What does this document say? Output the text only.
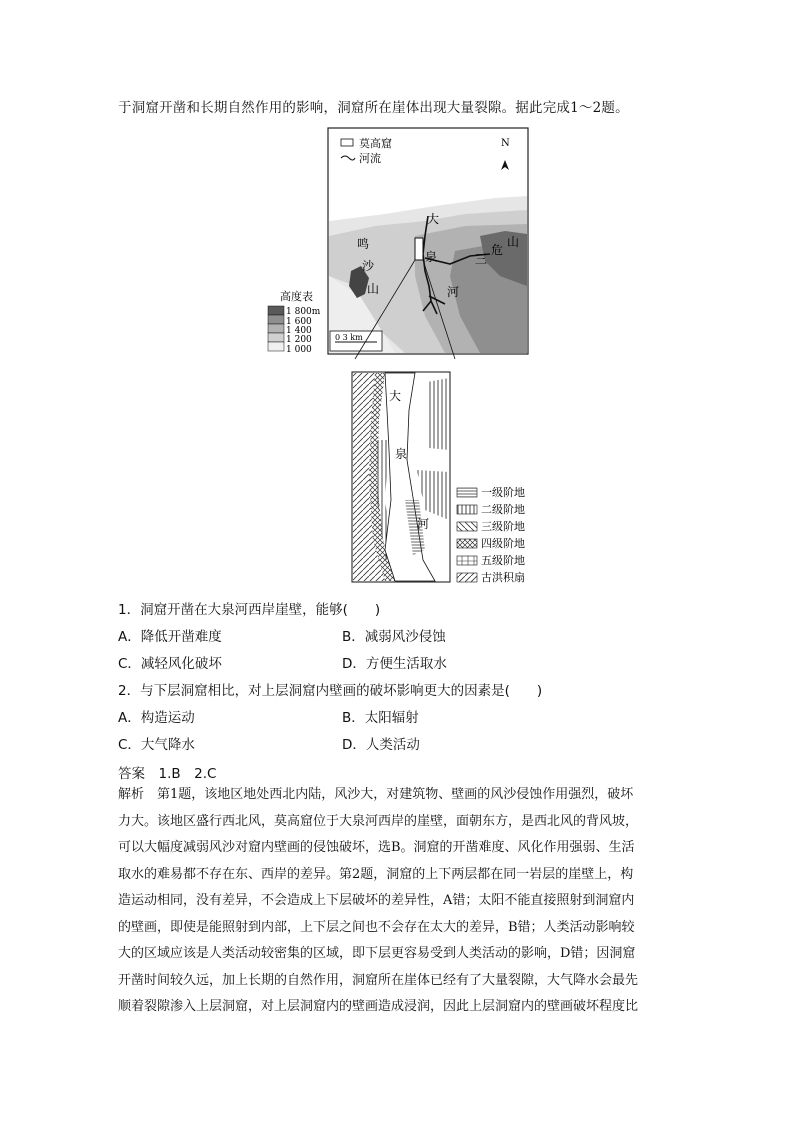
于洞窟开凿和长期自然作用的影响，洞窟所在崖体出现大量裂隙。据此完成1～2题。
莫高窟
河流
N
大
泉
河
鸣
沙
山
三
危
山
0 3 km
高度表
1 800m
1 600
1 400
1 200
1 000
大
泉
河
一级阶地
二级阶地
三级阶地
四级阶地
五级阶地
古洪积扇
1．洞窟开凿在大泉河西岸崖壁，能够(　　)
A．降低开凿难度	B．减弱风沙侵蚀
C．减轻风化破坏	D．方便生活取水
2．与下层洞窟相比，对上层洞窟内壁画的破坏影响更大的因素是(　　)
A．构造运动	B．太阳辐射
C．大气降水	D．人类活动
答案　1.B　2.C
解析　第1题，该地区地处西北内陆，风沙大，对建筑物、壁画的风沙侵蚀作用强烈，破坏
力大。该地区盛行西北风，莫高窟位于大泉河西岸的崖壁，面朝东方，是西北风的背风坡，
可以大幅度减弱风沙对窟内壁画的侵蚀破坏，选B。洞窟的开凿难度、风化作用强弱、生活
取水的难易都不存在东、西岸的差异。第2题，洞窟的上下两层都在同一岩层的崖壁上，构
造运动相同，没有差异，不会造成上下层破坏的差异性，A错；太阳不能直接照射到洞窟内
的壁画，即使是能照射到内部，上下层之间也不会存在太大的差异，B错；人类活动影响较
大的区域应该是人类活动较密集的区域，即下层更容易受到人类活动的影响，D错；因洞窟
开凿时间较久远，加上长期的自然作用，洞窟所在崖体已经有了大量裂隙，大气降水会最先
顺着裂隙渗入上层洞窟，对上层洞窟内的壁画造成浸润，因此上层洞窟内的壁画破坏程度比
